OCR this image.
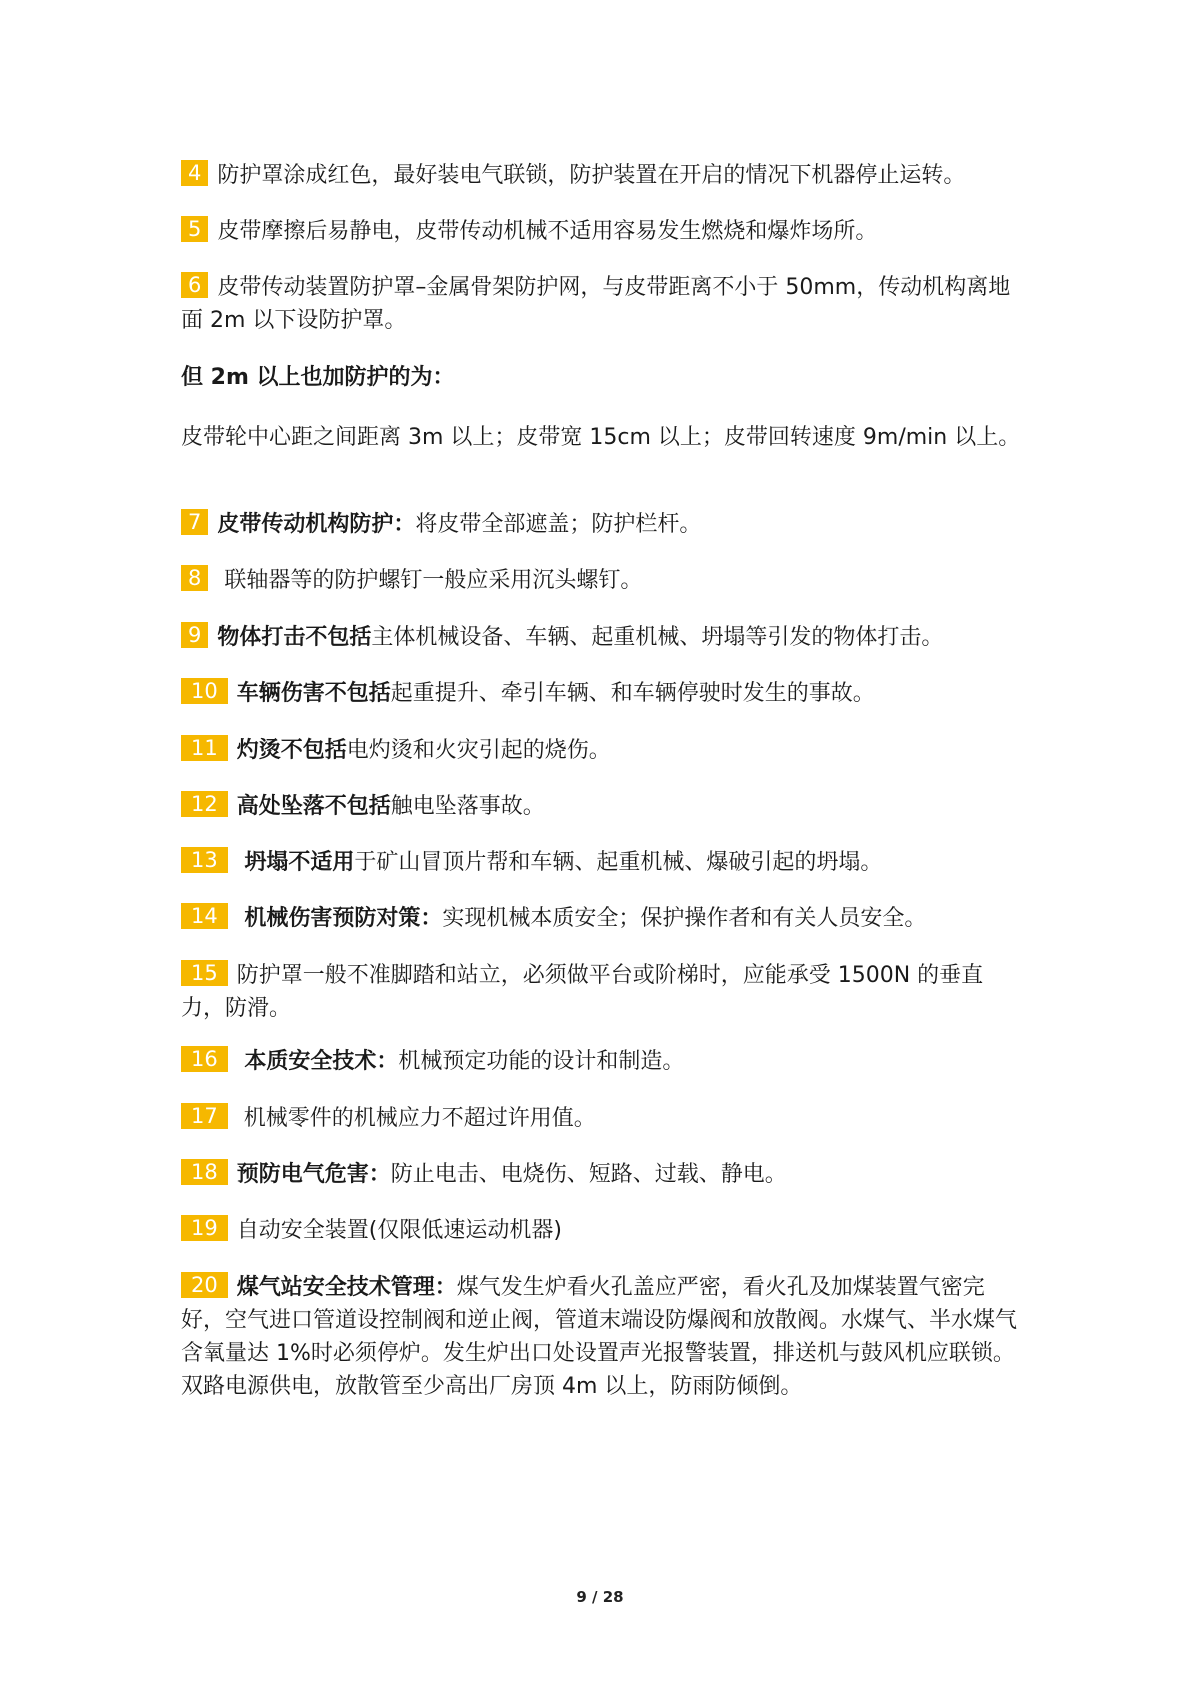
4 防护罩涂成红色，最好装电气联锁，防护装置在开启的情况下机器停止运转。

5 皮带摩擦后易静电，皮带传动机械不适用容易发生燃烧和爆炸场所。

6 皮带传动装置防护罩–金属骨架防护网，与皮带距离不小于 50mm，传动机构离地面 2m 以下设防护罩。

但 2m 以上也加防护的为：

皮带轮中心距之间距离 3m 以上；皮带宽 15cm 以上；皮带回转速度 9m/min 以上。

7 皮带传动机构防护：将皮带全部遮盖；防护栏杆。

8 联轴器等的防护螺钉一般应采用沉头螺钉。

9 物体打击不包括主体机械设备、车辆、起重机械、坍塌等引发的物体打击。

10 车辆伤害不包括起重提升、牵引车辆、和车辆停驶时发生的事故。

11 灼烫不包括电灼烫和火灾引起的烧伤。

12 高处坠落不包括触电坠落事故。

13 坍塌不适用于矿山冒顶片帮和车辆、起重机械、爆破引起的坍塌。

14 机械伤害预防对策：实现机械本质安全；保护操作者和有关人员安全。

15 防护罩一般不准脚踏和站立，必须做平台或阶梯时，应能承受 1500N 的垂直力，防滑。

16 本质安全技术：机械预定功能的设计和制造。

17 机械零件的机械应力不超过许用值。

18 预防电气危害：防止电击、电烧伤、短路、过载、静电。

19 自动安全装置(仅限低速运动机器)

20 煤气站安全技术管理：煤气发生炉看火孔盖应严密，看火孔及加煤装置气密完好，空气进口管道设控制阀和逆止阀，管道末端设防爆阀和放散阀。水煤气、半水煤气含氧量达 1%时必须停炉。发生炉出口处设置声光报警装置，排送机与鼓风机应联锁。双路电源供电，放散管至少高出厂房顶 4m 以上，防雨防倾倒。

9 / 28
